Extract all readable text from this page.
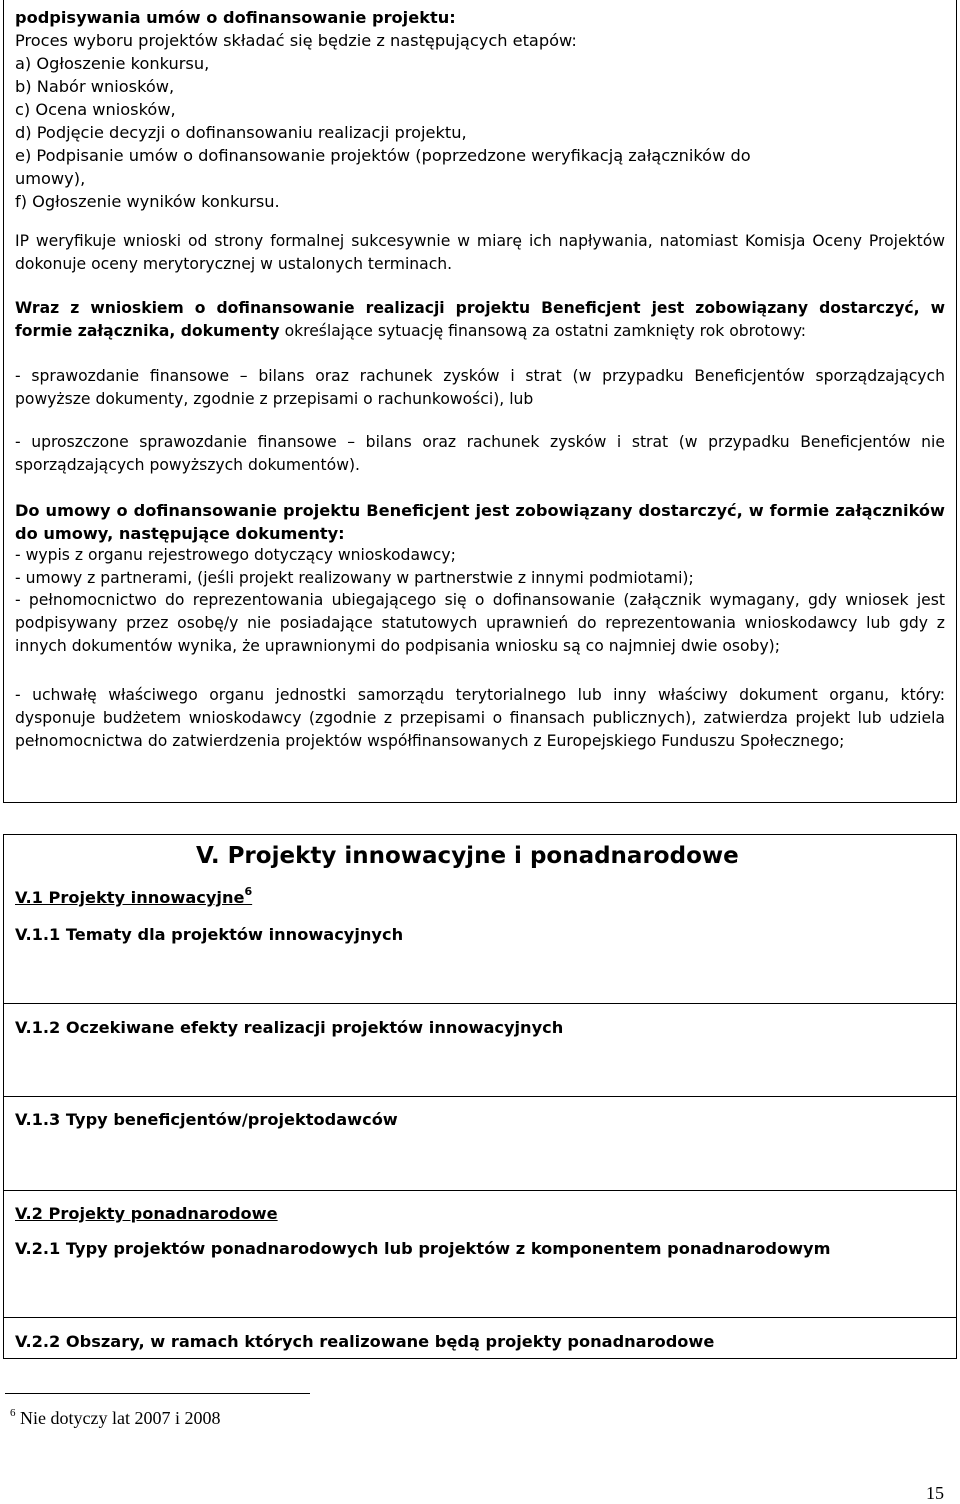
podpisywania umów o dofinansowanie projektu:
Proces wyboru projektów składać się będzie z następujących etapów:
a) Ogłoszenie konkursu,
b) Nabór wniosków,
c) Ocena wniosków,
d) Podjęcie decyzji o dofinansowaniu realizacji projektu,
e) Podpisanie umów o dofinansowanie projektów (poprzedzone weryfikacją załączników do
umowy),
f) Ogłoszenie wyników konkursu.
IP weryfikuje wnioski od strony formalnej sukcesywnie w miarę ich napływania, natomiast Komisja Oceny Projektów dokonuje oceny merytorycznej w ustalonych terminach.
Wraz z wnioskiem o dofinansowanie realizacji projektu Beneficjent jest zobowiązany dostarczyć, w formie załącznika, dokumenty określające sytuację finansową za ostatni zamknięty rok obrotowy:
- sprawozdanie finansowe – bilans oraz rachunek zysków i strat (w przypadku Beneficjentów sporządzających powyższe dokumenty, zgodnie z przepisami o rachunkowości), lub
- uproszczone sprawozdanie finansowe – bilans oraz rachunek zysków i strat (w przypadku Beneficjentów nie sporządzających powyższych dokumentów).
Do umowy o dofinansowanie projektu Beneficjent jest zobowiązany dostarczyć, w formie załączników do umowy, następujące dokumenty:
- wypis z organu rejestrowego dotyczący wnioskodawcy;
- umowy z partnerami, (jeśli projekt realizowany w partnerstwie z innymi podmiotami);
- pełnomocnictwo do reprezentowania ubiegającego się o dofinansowanie (załącznik wymagany, gdy wniosek jest podpisywany przez osobę/y nie posiadające statutowych uprawnień do reprezentowania wnioskodawcy lub gdy z innych dokumentów wynika, że uprawnionymi do podpisania wniosku są co najmniej dwie osoby);
- uchwałę właściwego organu jednostki samorządu terytorialnego lub inny właściwy dokument organu, który: dysponuje budżetem wnioskodawcy (zgodnie z przepisami o finansach publicznych), zatwierdza projekt lub udziela pełnomocnictwa do zatwierdzenia projektów współfinansowanych z Europejskiego Funduszu Społecznego;
V. Projekty innowacyjne i ponadnarodowe
V.1 Projekty innowacyjne$^6$
V.1.1 Tematy dla projektów innowacyjnych
V.1.2 Oczekiwane efekty realizacji projektów innowacyjnych
V.1.3 Typy beneficjentów/projektodawców
V.2 Projekty ponadnarodowe
V.2.1 Typy projektów ponadnarodowych lub projektów z komponentem ponadnarodowym
V.2.2 Obszary, w ramach których realizowane będą projekty ponadnarodowe
$^6$ Nie dotyczy lat 2007 i 2008
15
